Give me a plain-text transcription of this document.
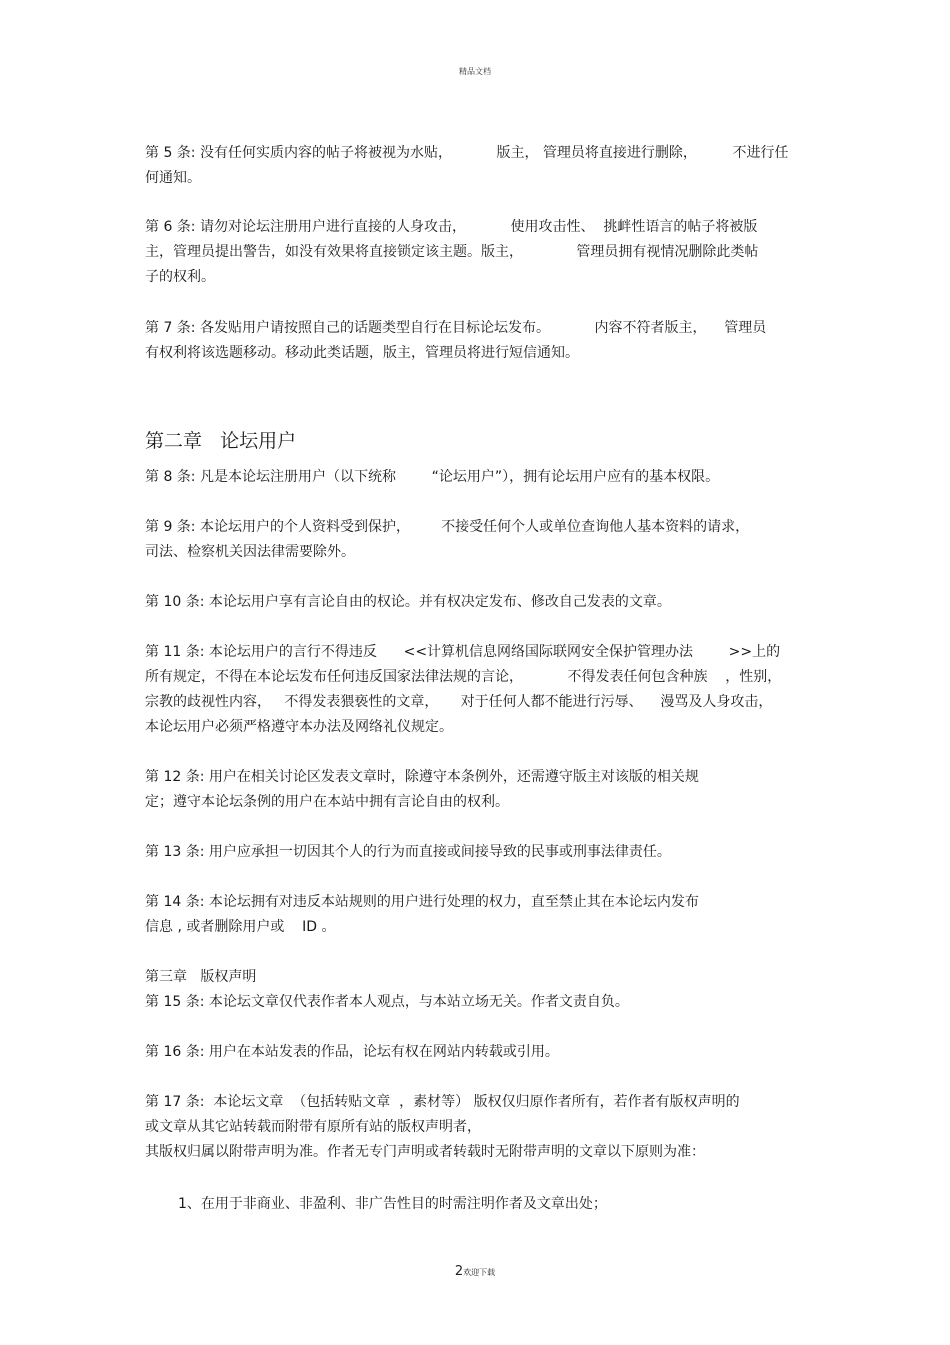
精品文档
第 5 条: 没有任何实质内容的帖子将被视为水贴，          版主， 管理员将直接进行删除，        不进行任
何通知。
第 6 条: 请勿对论坛注册用户进行直接的人身攻击，          使用攻击性、  挑衅性语言的帖子将被版
主，管理员提出警告，如没有效果将直接锁定该主题。版主，            管理员拥有视情况删除此类帖
子的权利。
第 7 条: 各发贴用户请按照自己的话题类型自行在目标论坛发布。          内容不符者版主，    管理员
有权利将该选题移动。移动此类话题，版主，管理员将进行短信通知。
第二章   论坛用户
第 8 条: 凡是本论坛注册用户（以下统称        “论坛用户”），拥有论坛用户应有的基本权限。
第 9 条: 本论坛用户的个人资料受到保护，       不接受任何个人或单位查询他人基本资料的请求，
司法、检察机关因法律需要除外。
第 10 条: 本论坛用户享有言论自由的权论。并有权决定发布、修改自己发表的文章。
第 11 条: 本论坛用户的言行不得违反      <<计算机信息网络国际联网安全保护管理办法        >>上的
所有规定，不得在本论坛发布任何违反国家法律法规的言论，          不得发表任何包含种族    ，性别，
宗教的歧视性内容，   不得发表猥亵性的文章，     对于任何人都不能进行污辱、    漫骂及人身攻击，
本论坛用户必须严格遵守本办法及网络礼仪规定。
第 12 条: 用户在相关讨论区发表文章时，除遵守本条例外，还需遵守版主对该版的相关规
定；遵守本论坛条例的用户在本站中拥有言论自由的权利。
第 13 条: 用户应承担一切因其个人的行为而直接或间接导致的民事或刑事法律责任。
第 14 条: 本论坛拥有对违反本站规则的用户进行处理的权力，直至禁止其在本论坛内发布
信息 , 或者删除用户或    ID 。
第三章   版权声明
第 15 条: 本论坛文章仅代表作者本人观点，与本站立场无关。作者文责自负。
第 16 条: 用户在本站发表的作品，论坛有权在网站内转载或引用。
第 17 条:  本论坛文章  （包括转贴文章  ，素材等） 版权仅归原作者所有，若作者有版权声明的
或文章从其它站转载而附带有原所有站的版权声明者，
其版权归属以附带声明为准。作者无专门声明或者转载时无附带声明的文章以下原则为准：
1、在用于非商业、非盈利、非广告性目的时需注明作者及文章出处；
2欢迎下载
